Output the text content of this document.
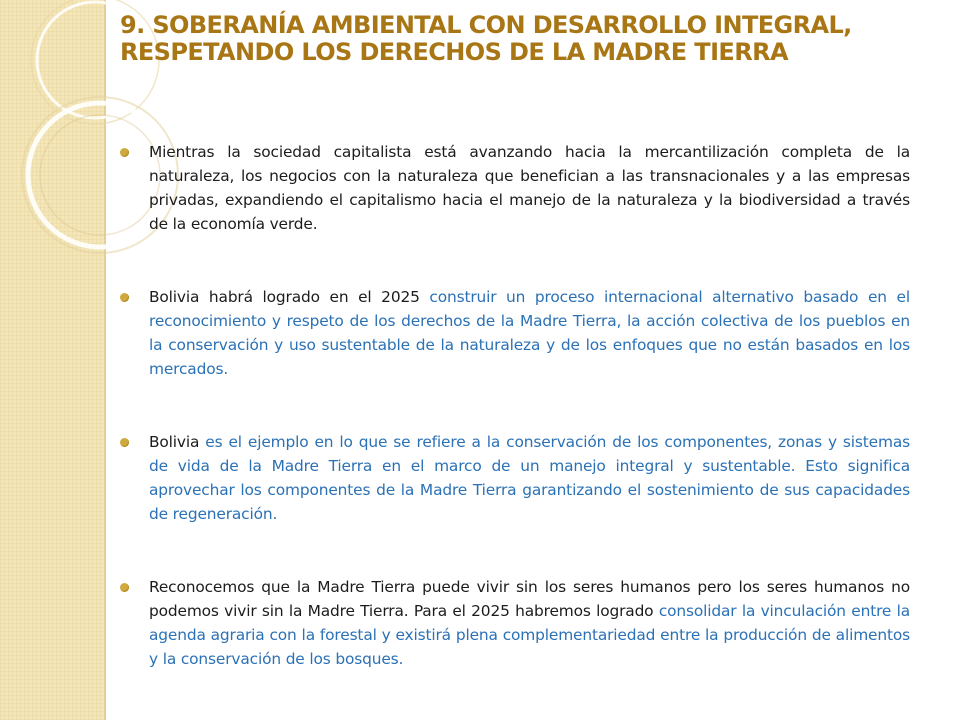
9. SOBERANÍA AMBIENTAL CON DESARROLLO INTEGRAL, RESPETANDO LOS DERECHOS DE LA MADRE TIERRA

Mientras la sociedad capitalista está avanzando hacia la mercantilización completa de la naturaleza, los negocios con la naturaleza que benefician a las transnacionales y a las empresas privadas, expandiendo el capitalismo hacia el manejo de la naturaleza y la biodiversidad a través de la economía verde.

Bolivia habrá logrado en el 2025 construir un proceso internacional alternativo basado en el reconocimiento y respeto de los derechos de la Madre Tierra, la acción colectiva de los pueblos en la conservación y uso sustentable de la naturaleza y de los enfoques que no están basados en los mercados.

Bolivia es el ejemplo en lo que se refiere a la conservación de los componentes, zonas y sistemas de vida de la Madre Tierra en el marco de un manejo integral y sustentable. Esto significa aprovechar los componentes de la Madre Tierra garantizando el sostenimiento de sus capacidades de regeneración.

Reconocemos que la Madre Tierra puede vivir sin los seres humanos pero los seres humanos no podemos vivir sin la Madre Tierra. Para el 2025 habremos logrado consolidar la vinculación entre la agenda agraria con la forestal y existirá plena complementariedad entre la producción de alimentos y la conservación de los bosques.
